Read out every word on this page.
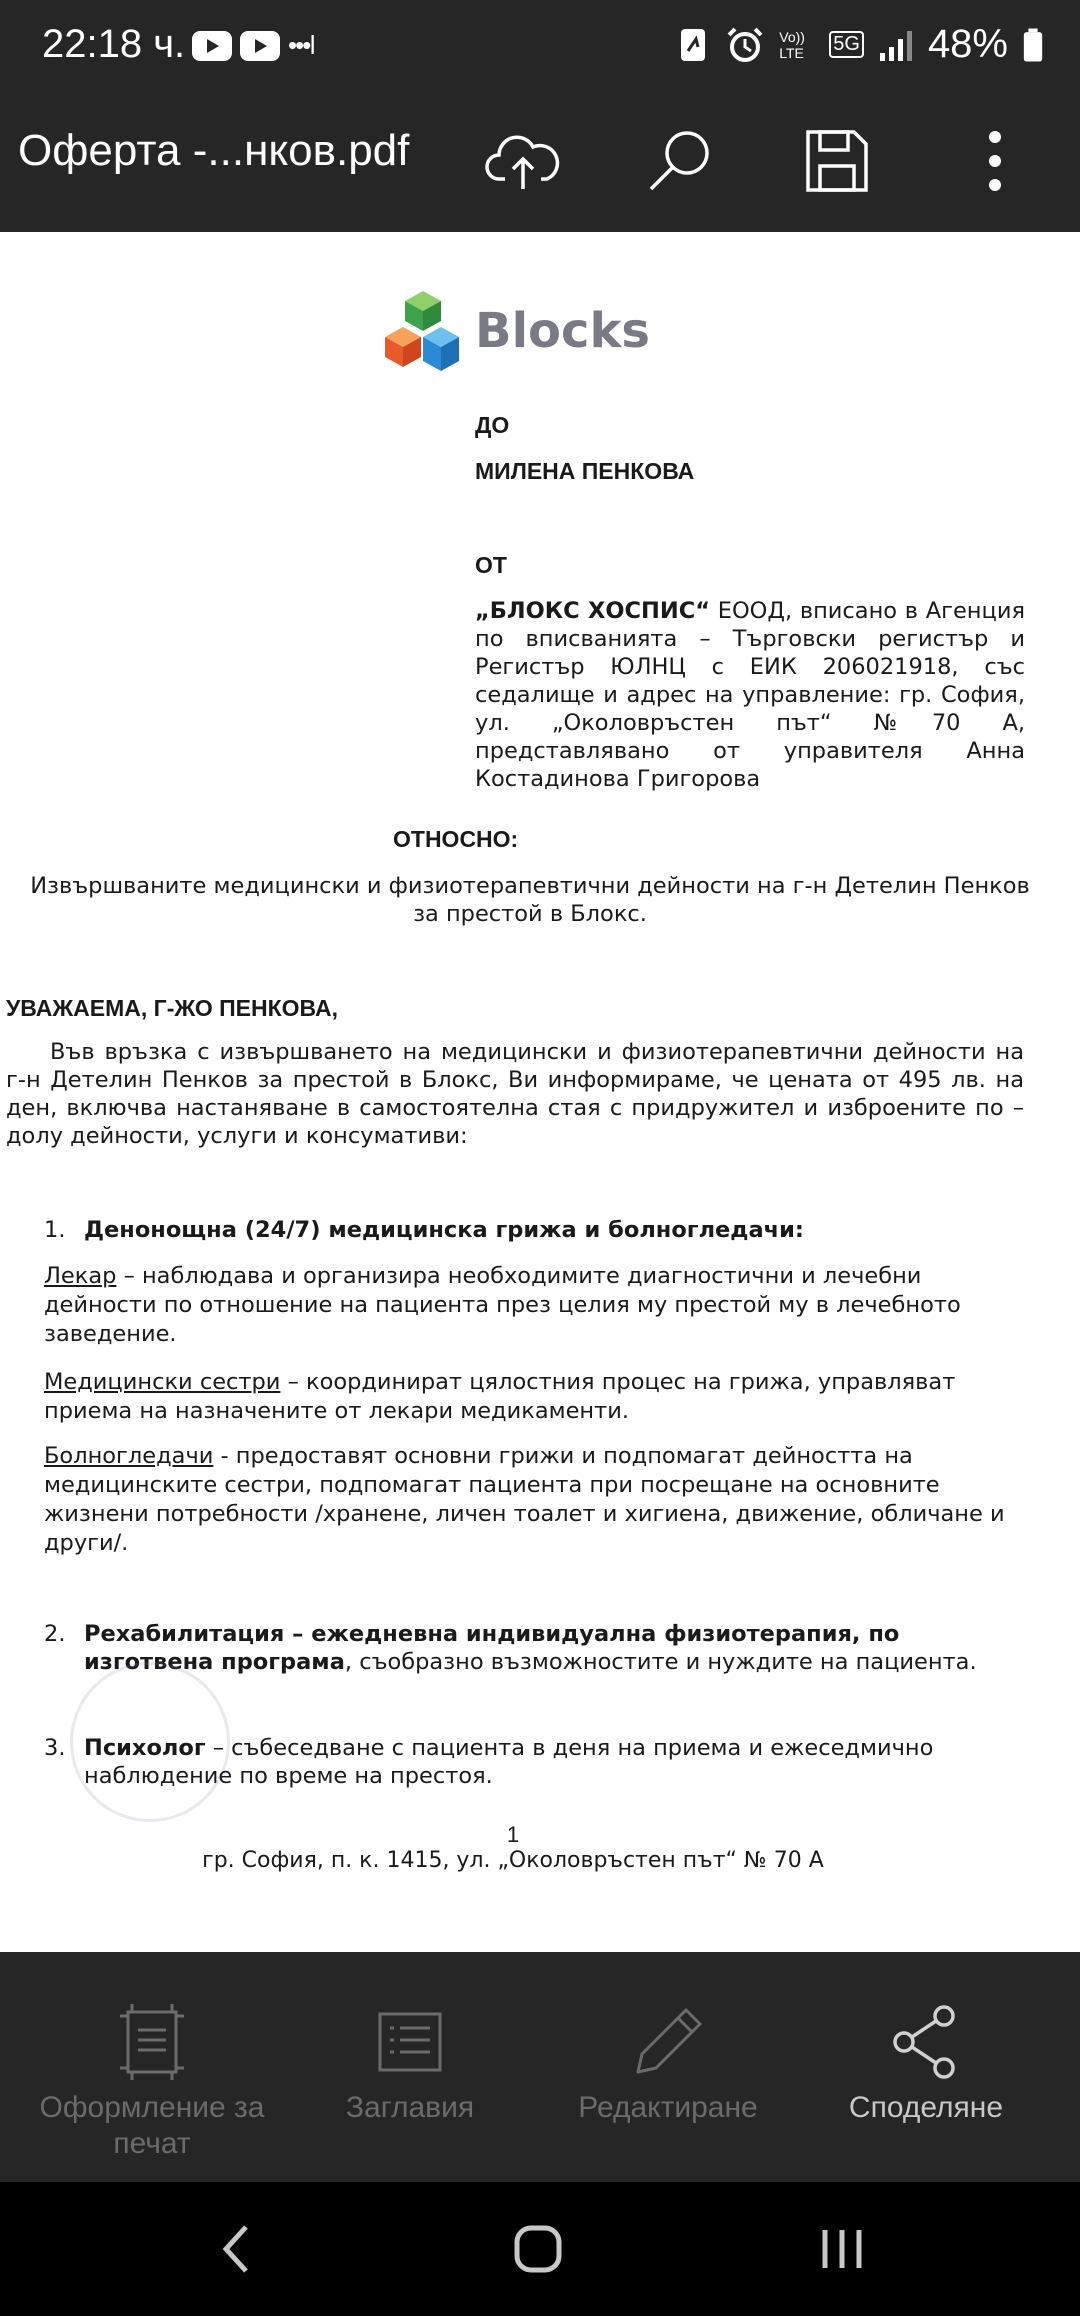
22:18 ч.	•••ǀ	Vo)) LTE	5G 48%
Оферта -...нков.pdf
Blocks
ДО
МИЛЕНА ПЕНКОВА
ОТ
„БЛОКС ХОСПИС“ ЕООД, вписано в Агенция по вписванията – Търговски регистър и Регистър ЮЛНЦ с ЕИК 206021918, със седалище и адрес на управление: гр. София, ул. „Околовръстен път“ №70 А, представлявано от управителя Анна Костадинова Григорова
ОТНОСНО:
Извършваните медицински и физиотерапевтични дейности на г-н Детелин Пенков за престой в Блокс.
УВАЖАЕМА, Г-ЖО ПЕНКОВА,
Във връзка с извършването на медицински и физиотерапевтични дейности на г-н Детелин Пенков за престой в Блокс, Ви информираме, че цената от 495 лв. на ден, включва настаняване в самостоятелна стая с придружител и изброените по – долу дейности, услуги и консумативи:
1. Денонощна (24/7) медицинска грижа и болногледачи:
Лекар – наблюдава и организира необходимите диагностични и лечебни дейности по отношение на пациента през целия му престой му в лечебното заведение.
Медицински сестри – координират цялостния процес на грижа, управляват приема на назначените от лекари медикаменти.
Болногледачи - предоставят основни грижи и подпомагат дейността на медицинските сестри, подпомагат пациента при посрещане на основните жизнени потребности /хранене, личен тоалет и хигиена, движение, обличане и други/.
2. Рехабилитация – ежедневна индивидуална физиотерапия, по изготвена програма, съобразно възможностите и нуждите на пациента.
3. Психолог – събеседване с пациента в деня на приема и ежеседмично наблюдение по време на престоя.
1
гр. София, п. к. 1415, ул. „Околовръстен път“ № 70 А
Оформление за печат
Заглавия	Редактиране	Споделяне
